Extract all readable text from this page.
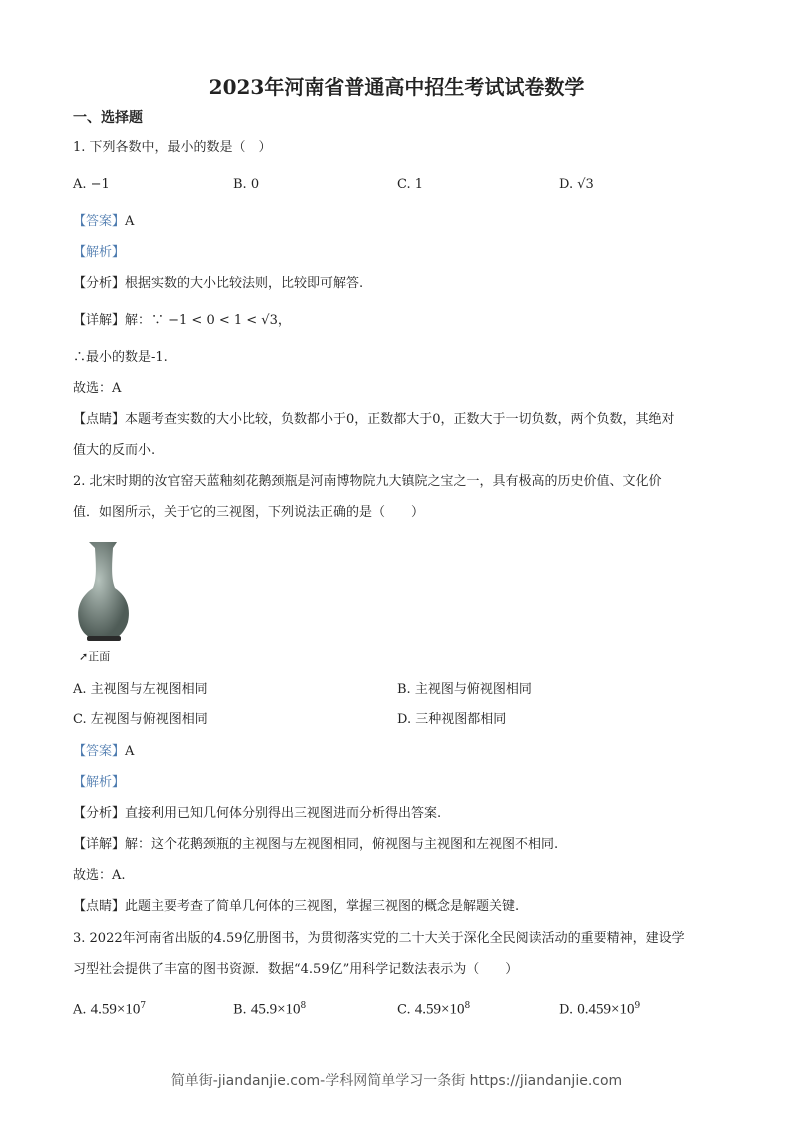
2023年河南省普通高中招生考试试卷数学
一、选择题
1. 下列各数中，最小的数是（　）
A. −1	B. 0	C. 1	D. √3
【答案】A
【解析】
【分析】根据实数的大小比较法则，比较即可解答.
【详解】解：∵ −1 < 0 < 1 < √3，
∴最小的数是-1.
故选：A
【点睛】本题考查实数的大小比较，负数都小于0，正数都大于0，正数大于一切负数，两个负数，其绝对
值大的反而小.
2. 北宋时期的汝官窑天蓝釉刻花鹅颈瓶是河南博物院九大镇院之宝之一，具有极高的历史价值、文化价
值．如图所示，关于它的三视图，下列说法正确的是（　　）
➚正面
A. 主视图与左视图相同	B. 主视图与俯视图相同
C. 左视图与俯视图相同	D. 三种视图都相同
【答案】A
【解析】
【分析】直接利用已知几何体分别得出三视图进而分析得出答案.
【详解】解：这个花鹅颈瓶的主视图与左视图相同，俯视图与主视图和左视图不相同.
故选：A.
【点睛】此题主要考查了简单几何体的三视图，掌握三视图的概念是解题关键.
3. 2022年河南省出版的4.59亿册图书，为贯彻落实党的二十大关于深化全民阅读活动的重要精神，建设学
习型社会提供了丰富的图书资源．数据“4.59亿”用科学记数法表示为（　　）
A. $4.59\times 10^7$	B. $45.9\times 10^8$	C. $4.59\times 10^8$	D. $0.459\times 10^9$
简单街-jiandanjie.com-学科网简单学习一条街 https://jiandanjie.com
